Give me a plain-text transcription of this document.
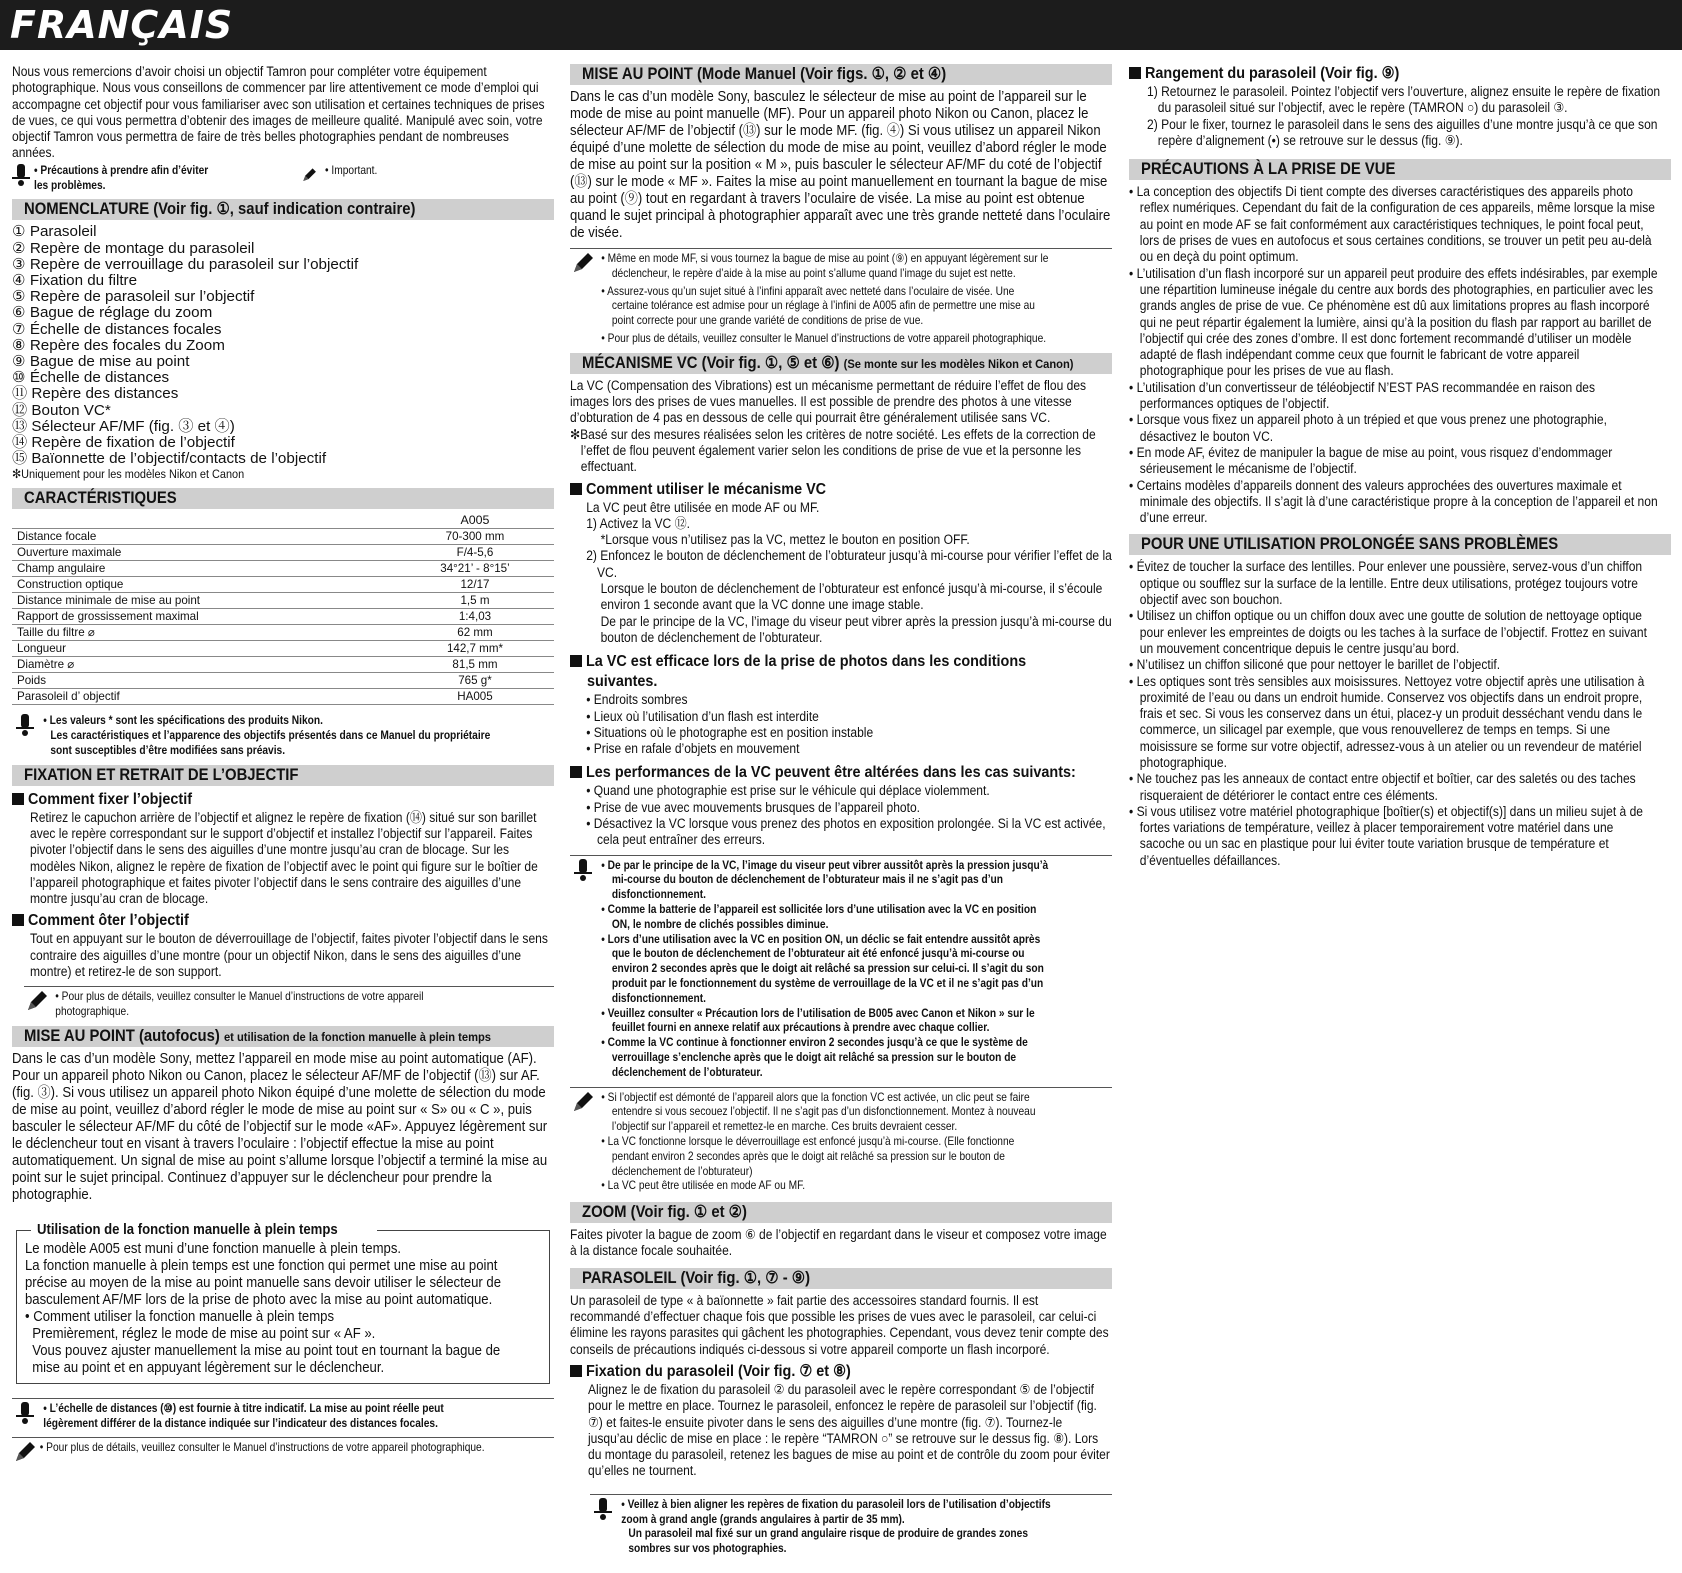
FRANÇAIS

Nous vous remercions d’avoir choisi un objectif Tamron pour compléter votre équipement photographique. Nous vous conseillons de commencer par lire attentivement ce mode d’emploi qui accompagne cet objectif pour vous familiariser avec son utilisation et certaines techniques de prises de vues, ce qui vous permettra d’obtenir des images de meilleure qualité. Manipulé avec soin, votre objectif Tamron vous permettra de faire de très belles photographies pendant de nombreuses années.

• Précautions à prendre afin d’éviter les problèmes.
• Important.
NOMENCLATURE (Voir fig. ①, sauf indication contraire)
① Parasoleil
② Repère de montage du parasoleil
③ Repère de verrouillage du parasoleil sur l’objectif
④ Fixation du filtre
⑤ Repère de parasoleil sur l’objectif
⑥ Bague de réglage du zoom
⑦ Échelle de distances focales
⑧ Repère des focales du Zoom
⑨ Bague de mise au point
⑩ Échelle de distances
⑪ Repère des distances
⑫ Bouton VC*
⑬ Sélecteur AF/MF (fig. ③ et ④)
⑭ Repère de fixation de l’objectif
⑮ Baïonnette de l’objectif/contacts de l’objectif
✻Uniquement pour les modèles Nikon et Canon
CARACTÉRISTIQUES
	A005
Distance focale	70-300 mm
Ouverture maximale	F/4-5,6
Champ angulaire	34°21’ - 8°15’
Construction optique	12/17
Distance minimale de mise au point	1,5 m
Rapport de grossissement maximal	1:4,03
Taille du filtre ⌀	62 mm
Longueur	142,7 mm*
Diamètre ⌀	81,5 mm
Poids	765 g*
Parasoleil d’ objectif	HA005
• Les valeurs * sont les spécifications des produits Nikon.
Les caractéristiques et l’apparence des objectifs présentés dans ce Manuel du propriétaire sont susceptibles d’être modifiées sans préavis.
FIXATION ET RETRAIT DE L’OBJECTIF
Comment fixer l’objectif
Retirez le capuchon arrière de l’objectif et alignez le repère de fixation (⑭) situé sur son barillet avec le repère correspondant sur le support d’objectif et installez l’objectif sur l’appareil. Faites pivoter l’objectif dans le sens des aiguilles d’une montre jusqu’au cran de blocage. Sur les modèles Nikon, alignez le repère de fixation de l’objectif avec le point qui figure sur le boîtier de l’appareil photographique et faites pivoter l’objectif dans le sens contraire des aiguilles d’une montre jusqu’au cran de blocage.
Comment ôter l’objectif
Tout en appuyant sur le bouton de déverrouillage de l’objectif, faites pivoter l’objectif dans le sens contraire des aiguilles d’une montre (pour un objectif Nikon, dans le sens des aiguilles d’une montre) et retirez-le de son support.
• Pour plus de détails, veuillez consulter le Manuel d’instructions de votre appareil photographique.
MISE AU POINT (autofocus) et utilisation de la fonction manuelle à plein temps

Dans le cas d’un modèle Sony, mettez l’appareil en mode mise au point automatique (AF). Pour un appareil photo Nikon ou Canon, placez le sélecteur AF/MF de l’objectif (⑬) sur AF. (fig. ③). Si vous utilisez un appareil photo Nikon équipé d’une molette de sélection du mode de mise au point, veuillez d’abord régler le mode de mise au point sur « S» ou « C », puis basculer le sélecteur AF/MF du côté de l’objectif sur le mode «AF». Appuyez légèrement sur le déclencheur tout en visant à travers l’oculaire : l’objectif effectue la mise au point automatiquement. Un signal de mise au point s’allume lorsque l’objectif a terminé la mise au point sur le sujet principal. Continuez d’appuyer sur le déclencheur pour prendre la photographie.

Utilisation de la fonction manuelle à plein temps
Le modèle A005 est muni d’une fonction manuelle à plein temps.
La fonction manuelle à plein temps est une fonction qui permet une mise au point précise au moyen de la mise au point manuelle sans devoir utiliser le sélecteur de basculement AF/MF lors de la prise de photo avec la mise au point automatique.
• Comment utiliser la fonction manuelle à plein temps
Premièrement, réglez le mode de mise au point sur « AF ».
Vous pouvez ajuster manuellement la mise au point tout en tournant la bague de mise au point et en appuyant légèrement sur le déclencheur.
• L’échelle de distances (⑩) est fournie à titre indicatif. La mise au point réelle peut légèrement différer de la distance indiquée sur l’indicateur des distances focales.
• Pour plus de détails, veuillez consulter le Manuel d’instructions de votre appareil photographique.
MISE AU POINT (Mode Manuel (Voir figs. ①, ② et ④)

Dans le cas d’un modèle Sony, basculez le sélecteur de mise au point de l’appareil sur le mode de mise au point manuelle (MF). Pour un appareil photo Nikon ou Canon, placez le sélecteur AF/MF de l’objectif (⑬) sur le mode MF. (fig. ④) Si vous utilisez un appareil Nikon équipé d’une molette de sélection du mode de mise au point, veuillez d’abord régler le mode de mise au point sur la position « M », puis basculer le sélecteur AF/MF du coté de l’objectif (⑬) sur le mode « MF ». Faites la mise au point manuellement en tournant la bague de mise au point (⑨) tout en regardant à travers l’oculaire de visée. La mise au point est obtenue quand le sujet principal à photographier apparaît avec une très grande netteté dans l’oculaire de visée.

• Même en mode MF, si vous tournez la bague de mise au point (⑨) en appuyant légèrement sur le déclencheur, le repère d’aide à la mise au point s’allume quand l’image du sujet est nette.
• Assurez-vous qu’un sujet situé à l’infini apparaît avec netteté dans l’oculaire de visée. Une certaine tolérance est admise pour un réglage à l’infini de A005 afin de permettre une mise au point correcte pour une grande variété de conditions de prise de vue.
• Pour plus de détails, veuillez consulter le Manuel d’instructions de votre appareil photographique.
MÉCANISME VC (Voir fig. ①, ⑤ et ⑥) (Se monte sur les modèles Nikon et Canon)
La VC (Compensation des Vibrations) est un mécanisme permettant de réduire l’effet de flou des images lors des prises de vues manuelles. Il est possible de prendre des photos à une vitesse d’obturation de 4 pas en dessous de celle qui pourrait être généralement utilisée sans VC.
✻Basé sur des mesures réalisées selon les critères de notre société. Les effets de la correction de l’effet de flou peuvent également varier selon les conditions de prise de vue et la personne les effectuant.
Comment utiliser le mécanisme VC
La VC peut être utilisée en mode AF ou MF.
1) Activez la VC ⑫.
*Lorsque vous n’utilisez pas la VC, mettez le bouton en position OFF.
2) Enfoncez le bouton de déclenchement de l’obturateur jusqu’à mi-course pour vérifier l’effet de la VC.
Lorsque le bouton de déclenchement de l’obturateur est enfoncé jusqu’à mi-course, il s’écoule environ 1 seconde avant que la VC donne une image stable.
De par le principe de la VC, l’image du viseur peut vibrer après la pression jusqu’à mi-course du bouton de déclenchement de l’obturateur.
La VC est efficace lors de la prise de photos dans les conditions
suivantes.
• Endroits sombres
• Lieux où l’utilisation d’un flash est interdite
• Situations où le photographe est en position instable
• Prise en rafale d’objets en mouvement
Les performances de la VC peuvent être altérées dans les cas suivants:
• Quand une photographie est prise sur le véhicule qui déplace violemment.
• Prise de vue avec mouvements brusques de l’appareil photo.
• Désactivez la VC lorsque vous prenez des photos en exposition prolongée. Si la VC est activée, cela peut entraîner des erreurs.
• De par le principe de la VC, l’image du viseur peut vibrer aussitôt après la pression jusqu’à mi-course du bouton de déclenchement de l’obturateur mais il ne s’agit pas d’un disfonctionnement.
• Comme la batterie de l’appareil est sollicitée lors d’une utilisation avec la VC en position ON, le nombre de clichés possibles diminue.
• Lors d’une utilisation avec la VC en position ON, un déclic se fait entendre aussitôt après que le bouton de déclenchement de l’obturateur ait été enfoncé jusqu’à mi-course ou environ 2 secondes après que le doigt ait relâché sa pression sur celui-ci. Il s’agit du son produit par le fonctionnement du système de verrouillage de la VC et il ne s’agit pas d’un disfonctionnement.
• Veuillez consulter « Précaution lors de l’utilisation de B005 avec Canon et Nikon » sur le feuillet fourni en annexe relatif aux précautions à prendre avec chaque collier.
• Comme la VC continue à fonctionner environ 2 secondes jusqu’à ce que le système de verrouillage s’enclenche après que le doigt ait relâché sa pression sur le bouton de déclenchement de l’obturateur.
• Si l’objectif est démonté de l’appareil alors que la fonction VC est activée, un clic peut se faire entendre si vous secouez l’objectif. Il ne s’agit pas d’un disfonctionnement. Montez à nouveau l’objectif sur l’appareil et remettez-le en marche. Ces bruits devraient cesser.
• La VC fonctionne lorsque le déverrouillage est enfoncé jusqu’à mi-course. (Elle fonctionne pendant environ 2 secondes après que le doigt ait relâché sa pression sur le bouton de déclenchement de l’obturateur)
• La VC peut être utilisée en mode AF ou MF.
ZOOM (Voir fig. ① et ②)
Faites pivoter la bague de zoom ⑥ de l’objectif en regardant dans le viseur et composez votre image à la distance focale souhaitée.
PARASOLEIL (Voir fig. ①, ⑦ - ⑨)
Un parasoleil de type « à baïonnette » fait partie des accessoires standard fournis. Il est recommandé d’effectuer chaque fois que possible les prises de vues avec le parasoleil, car celui-ci élimine les rayons parasites qui gâchent les photographies. Cependant, vous devez tenir compte des conseils de précautions indiqués ci-dessous si votre appareil comporte un flash incorporé.
Fixation du parasoleil (Voir fig. ⑦ et ⑧)
Alignez le de fixation du parasoleil ② du parasoleil avec le repère correspondant ⑤ de l’objectif pour le mettre en place. Tournez le parasoleil, enfoncez le repère de parasoleil sur l’objectif (fig. ⑦) et faites-le ensuite pivoter dans le sens des aiguilles d’une montre (fig. ⑦). Tournez-le jusqu’au déclic de mise en place : le repère “TAMRON ○” se retrouve sur le dessus fig. ⑧). Lors du montage du parasoleil, retenez les bagues de mise au point et de contrôle du zoom pour éviter qu’elles ne tournent.
• Veillez à bien aligner les repères de fixation du parasoleil lors de l’utilisation d’objectifs zoom à grand angle (grands angulaires à partir de 35 mm).
Un parasoleil mal fixé sur un grand angulaire risque de produire de grandes zones sombres sur vos photographies.
Rangement du parasoleil (Voir fig. ⑨)
1) Retournez le parasoleil. Pointez l’objectif vers l’ouverture, alignez ensuite le repère de fixation du parasoleil situé sur l’objectif, avec le repère (TAMRON ○) du parasoleil ③.
2) Pour le fixer, tournez le parasoleil dans le sens des aiguilles d’une montre jusqu’à ce que son repère d’alignement (•) se retrouve sur le dessus (fig. ⑨).
PRÉCAUTIONS À LA PRISE DE VUE
• La conception des objectifs Di tient compte des diverses caractéristiques des appareils photo reflex numériques. Cependant du fait de la configuration de ces appareils, même lorsque la mise au point en mode AF se fait conformément aux caractéristiques techniques, le point focal peut, lors de prises de vues en autofocus et sous certaines conditions, se trouver un petit peu au-delà ou en deçà du point optimum.
• L’utilisation d’un flash incorporé sur un appareil peut produire des effets indésirables, par exemple une répartition lumineuse inégale du centre aux bords des photographies, en particulier avec les grands angles de prise de vue. Ce phénomène est dû aux limitations propres au flash incorporé qui ne peut répartir également la lumière, ainsi qu’à la position du flash par rapport au barillet de l’objectif qui crée des zones d’ombre. Il est donc fortement recommandé d’utiliser un modèle adapté de flash indépendant comme ceux que fournit le fabricant de votre appareil photographique pour les prises de vue au flash.
• L’utilisation d’un convertisseur de téléobjectif N’EST PAS recommandée en raison des performances optiques de l’objectif.
• Lorsque vous fixez un appareil photo à un trépied et que vous prenez une photographie, désactivez le bouton VC.
• En mode AF, évitez de manipuler la bague de mise au point, vous risquez d’endommager sérieusement le mécanisme de l’objectif.
• Certains modèles d’appareils donnent des valeurs approchées des ouvertures maximale et minimale des objectifs. Il s’agit là d’une caractéristique propre à la conception de l’appareil et non d’une erreur.
POUR UNE UTILISATION PROLONGÉE SANS PROBLÈMES
• Évitez de toucher la surface des lentilles. Pour enlever une poussière, servez-vous d’un chiffon optique ou soufflez sur la surface de la lentille. Entre deux utilisations, protégez toujours votre objectif avec son bouchon.
• Utilisez un chiffon optique ou un chiffon doux avec une goutte de solution de nettoyage optique pour enlever les empreintes de doigts ou les taches à la surface de l’objectif. Frottez en suivant un mouvement concentrique depuis le centre jusqu’au bord.
• N’utilisez un chiffon siliconé que pour nettoyer le barillet de l’objectif.
• Les optiques sont très sensibles aux moisissures. Nettoyez votre objectif après une utilisation à proximité de l’eau ou dans un endroit humide. Conservez vos objectifs dans un endroit propre, frais et sec. Si vous les conservez dans un étui, placez-y un produit desséchant vendu dans le commerce, un silicagel par exemple, que vous renouvellerez de temps en temps. Si une moisissure se forme sur votre objectif, adressez-vous à un atelier ou un revendeur de matériel photographique.
• Ne touchez pas les anneaux de contact entre objectif et boîtier, car des saletés ou des taches risqueraient de détériorer le contact entre ces éléments.
• Si vous utilisez votre matériel photographique [boîtier(s) et objectif(s)] dans un milieu sujet à de fortes variations de température, veillez à placer temporairement votre matériel dans une sacoche ou un sac en plastique pour lui éviter toute variation brusque de température et d’éventuelles défaillances.
